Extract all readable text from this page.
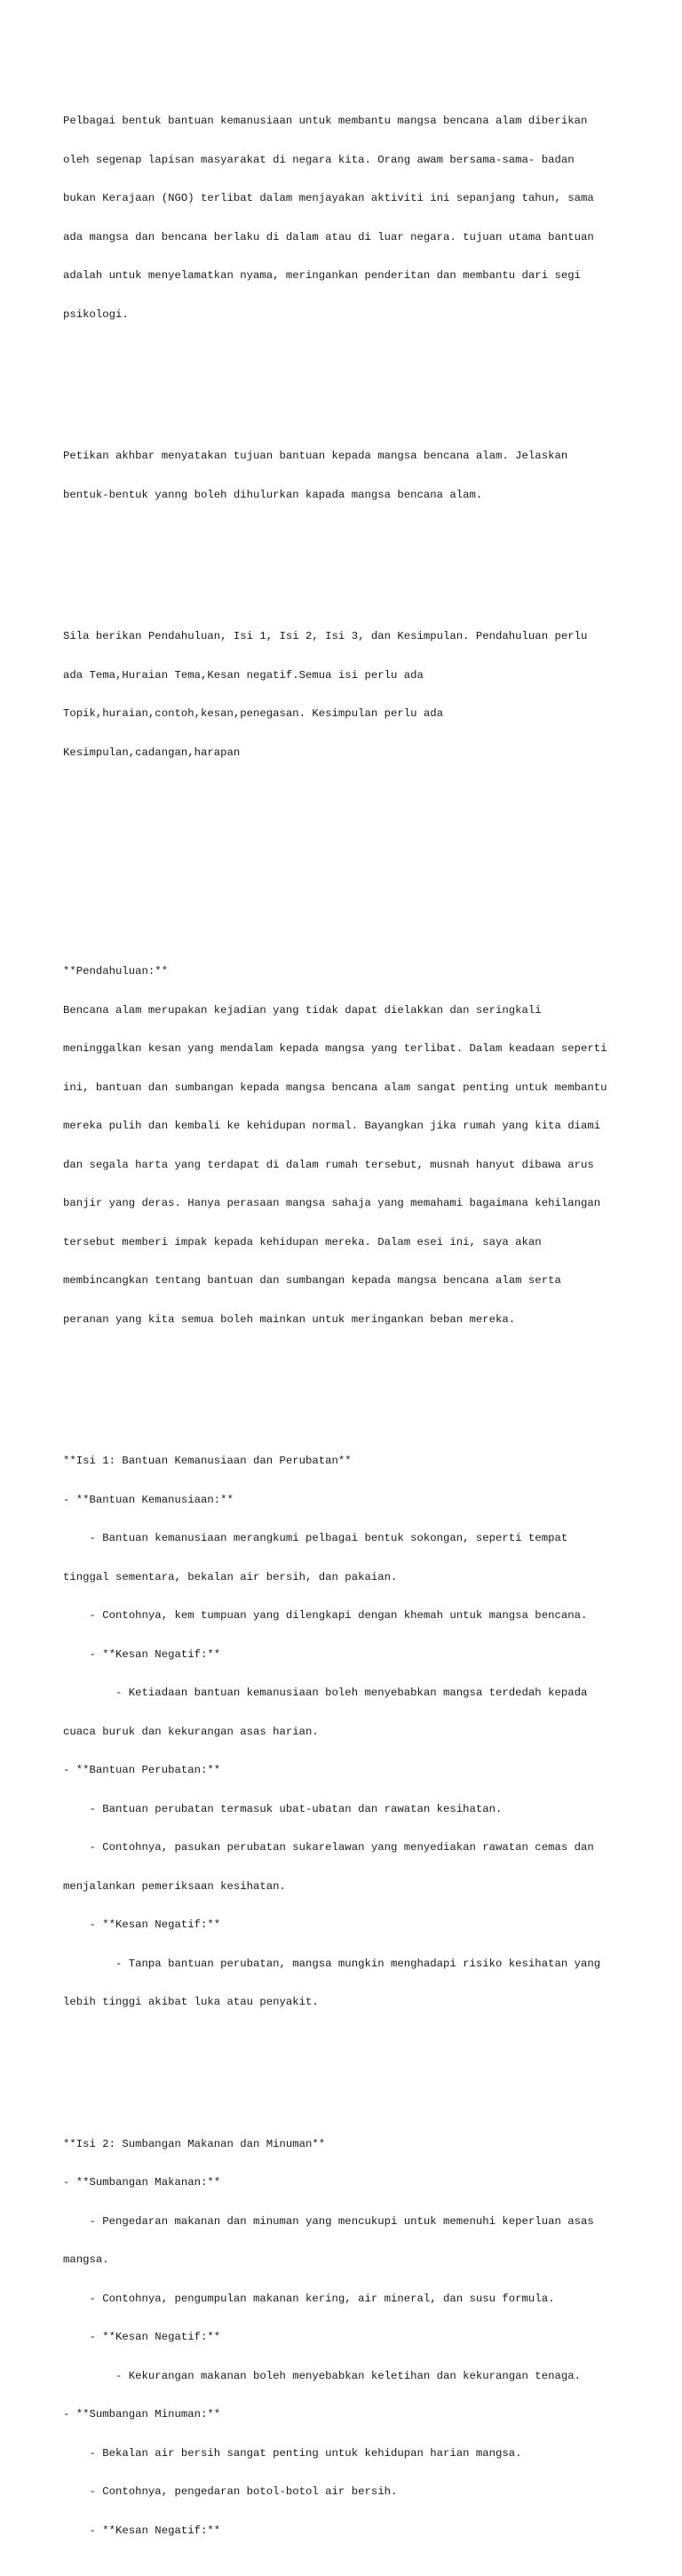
Pelbagai bentuk bantuan kemanusiaan untuk membantu mangsa bencana alam diberikan

oleh segenap lapisan masyarakat di negara kita. Orang awam bersama-sama- badan

bukan Kerajaan (NGO) terlibat dalam menjayakan aktiviti ini sepanjang tahun, sama

ada mangsa dan bencana berlaku di dalam atau di luar negara. tujuan utama bantuan

adalah untuk menyelamatkan nyama, meringankan penderitan dan membantu dari segi

psikologi.

Petikan akhbar menyatakan tujuan bantuan kepada mangsa bencana alam. Jelaskan

bentuk-bentuk yanng boleh dihulurkan kapada mangsa bencana alam.

Sila berikan Pendahuluan, Isi 1, Isi 2, Isi 3, dan Kesimpulan. Pendahuluan perlu

ada Tema,Huraian Tema,Kesan negatif.Semua isi perlu ada

Topik,huraian,contoh,kesan,penegasan. Kesimpulan perlu ada

Kesimpulan,cadangan,harapan

**Pendahuluan:**

Bencana alam merupakan kejadian yang tidak dapat dielakkan dan seringkali

meninggalkan kesan yang mendalam kepada mangsa yang terlibat. Dalam keadaan seperti

ini, bantuan dan sumbangan kepada mangsa bencana alam sangat penting untuk membantu

mereka pulih dan kembali ke kehidupan normal. Bayangkan jika rumah yang kita diami

dan segala harta yang terdapat di dalam rumah tersebut, musnah hanyut dibawa arus

banjir yang deras. Hanya perasaan mangsa sahaja yang memahami bagaimana kehilangan

tersebut memberi impak kepada kehidupan mereka. Dalam esei ini, saya akan

membincangkan tentang bantuan dan sumbangan kepada mangsa bencana alam serta

peranan yang kita semua boleh mainkan untuk meringankan beban mereka.

**Isi 1: Bantuan Kemanusiaan dan Perubatan**

- **Bantuan Kemanusiaan:**

- Bantuan kemanusiaan merangkumi pelbagai bentuk sokongan, seperti tempat

tinggal sementara, bekalan air bersih, dan pakaian.

- Contohnya, kem tumpuan yang dilengkapi dengan khemah untuk mangsa bencana.

- **Kesan Negatif:**

- Ketiadaan bantuan kemanusiaan boleh menyebabkan mangsa terdedah kepada

cuaca buruk dan kekurangan asas harian.

- **Bantuan Perubatan:**

- Bantuan perubatan termasuk ubat-ubatan dan rawatan kesihatan.

- Contohnya, pasukan perubatan sukarelawan yang menyediakan rawatan cemas dan

menjalankan pemeriksaan kesihatan.

- **Kesan Negatif:**

- Tanpa bantuan perubatan, mangsa mungkin menghadapi risiko kesihatan yang

lebih tinggi akibat luka atau penyakit.

**Isi 2: Sumbangan Makanan dan Minuman**

- **Sumbangan Makanan:**

- Pengedaran makanan dan minuman yang mencukupi untuk memenuhi keperluan asas

mangsa.

- Contohnya, pengumpulan makanan kering, air mineral, dan susu formula.

- **Kesan Negatif:**

- Kekurangan makanan boleh menyebabkan keletihan dan kekurangan tenaga.

- **Sumbangan Minuman:**

- Bekalan air bersih sangat penting untuk kehidupan harian mangsa.

- Contohnya, pengedaran botol-botol air bersih.

- **Kesan Negatif:**
